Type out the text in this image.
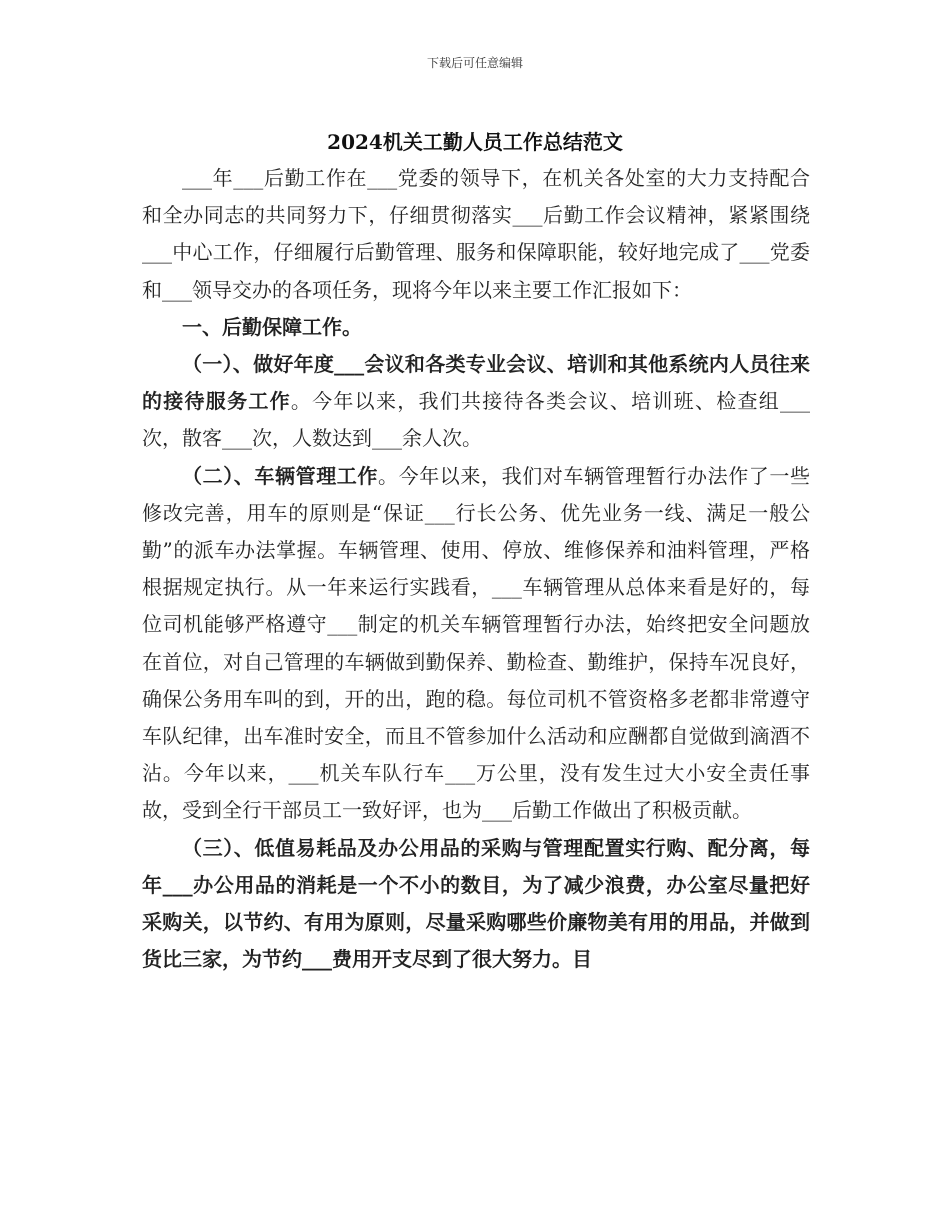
下载后可任意编辑
2024机关工勤人员工作总结范文

___年___后勤工作在___党委的领导下，在机关各处室的大力支持配合和全办同志的共同努力下，仔细贯彻落实___后勤工作会议精神，紧紧围绕___中心工作，仔细履行后勤管理、服务和保障职能，较好地完成了___党委和___领导交办的各项任务，现将今年以来主要工作汇报如下：

一、后勤保障工作。

（一）、做好年度___会议和各类专业会议、培训和其他系统内人员往来的接待服务工作。今年以来，我们共接待各类会议、培训班、检查组___次，散客___次，人数达到___余人次。

（二）、车辆管理工作。今年以来，我们对车辆管理暂行办法作了一些修改完善，用车的原则是“保证___行长公务、优先业务一线、满足一般公勤”的派车办法掌握。车辆管理、使用、停放、维修保养和油料管理，严格根据规定执行。从一年来运行实践看，___车辆管理从总体来看是好的，每位司机能够严格遵守___制定的机关车辆管理暂行办法，始终把安全问题放在首位，对自己管理的车辆做到勤保养、勤检查、勤维护，保持车况良好，确保公务用车叫的到，开的出，跑的稳。每位司机不管资格多老都非常遵守车队纪律，出车准时安全，而且不管参加什么活动和应酬都自觉做到滴酒不沾。今年以来，___机关车队行车___万公里，没有发生过大小安全责任事故，受到全行干部员工一致好评，也为___后勤工作做出了积极贡献。

（三）、低值易耗品及办公用品的采购与管理配置实行购、配分离，每年___办公用品的消耗是一个不小的数目，为了减少浪费，办公室尽量把好采购关，以节约、有用为原则，尽量采购哪些价廉物美有用的用品，并做到货比三家，为节约___费用开支尽到了很大努力。目
